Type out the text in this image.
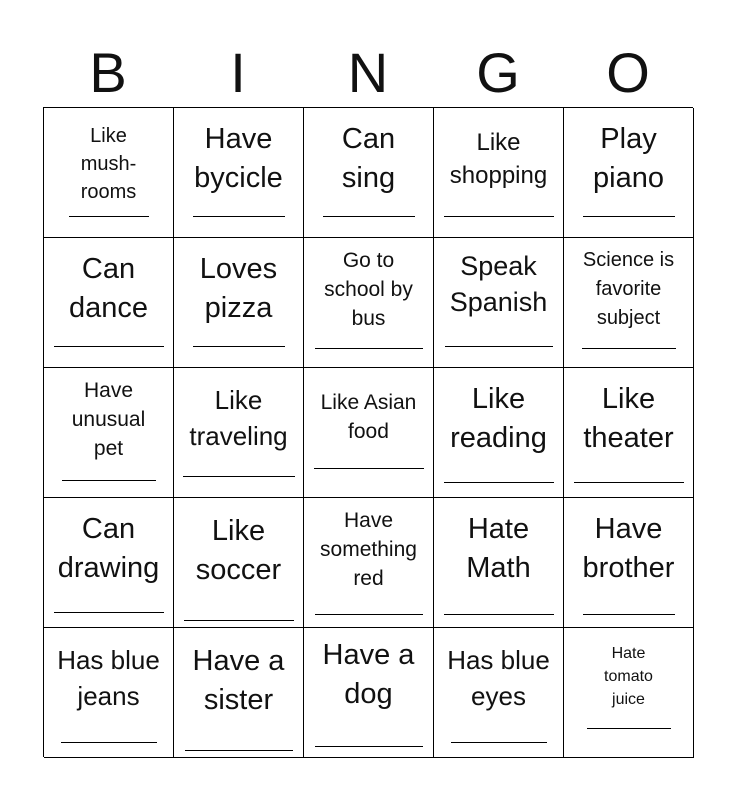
B	I	N	G	O
Like
mush-
rooms
Have
bycicle
Can
sing
Like
shopping
Play
piano
Can
dance
Loves
pizza
Go to
school by
bus
Speak
Spanish
Science is
favorite
subject
Have
unusual
pet
Like
traveling
Like Asian
food
Like
reading
Like
theater
Can
drawing
Like
soccer
Have
something
red
Hate
Math
Have
brother
Has blue
jeans
Have a
sister
Have a
dog
Has blue
eyes
Hate
tomato
juice
